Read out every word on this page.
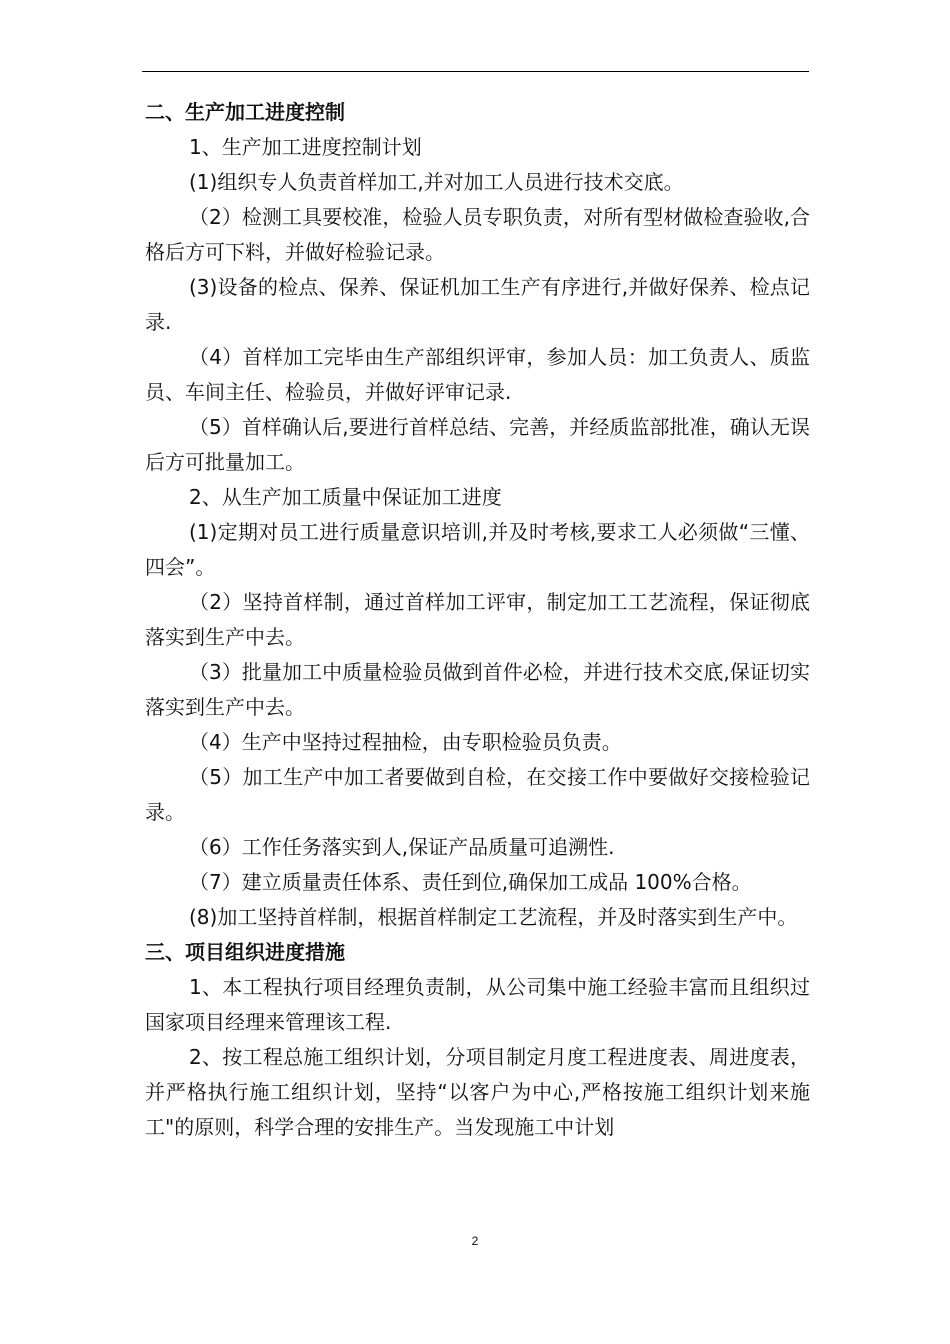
二、生产加工进度控制

1、生产加工进度控制计划

(1)组织专人负责首样加工,并对加工人员进行技术交底。

（2）检测工具要校准，检验人员专职负责，对所有型材做检查验收,合格后方可下料，并做好检验记录。

(3)设备的检点、保养、保证机加工生产有序进行,并做好保养、检点记录.

（4）首样加工完毕由生产部组织评审，参加人员：加工负责人、质监员、车间主任、检验员，并做好评审记录.

（5）首样确认后,要进行首样总结、完善，并经质监部批准，确认无误后方可批量加工。

2、从生产加工质量中保证加工进度

(1)定期对员工进行质量意识培训,并及时考核,要求工人必须做“三懂、四会”。

（2）坚持首样制，通过首样加工评审，制定加工工艺流程，保证彻底落实到生产中去。

（3）批量加工中质量检验员做到首件必检，并进行技术交底,保证切实落实到生产中去。

（4）生产中坚持过程抽检，由专职检验员负责。

（5）加工生产中加工者要做到自检，在交接工作中要做好交接检验记录。

（6）工作任务落实到人,保证产品质量可追溯性.

（7）建立质量责任体系、责任到位,确保加工成品 100%合格。

(8)加工坚持首样制，根据首样制定工艺流程，并及时落实到生产中。

三、项目组织进度措施

1、本工程执行项目经理负责制，从公司集中施工经验丰富而且组织过国家项目经理来管理该工程.

2、按工程总施工组织计划，分项目制定月度工程进度表、周进度表，并严格执行施工组织计划，坚持“以客户为中心,严格按施工组织计划来施工"的原则，科学合理的安排生产。当发现施工中计划

2
